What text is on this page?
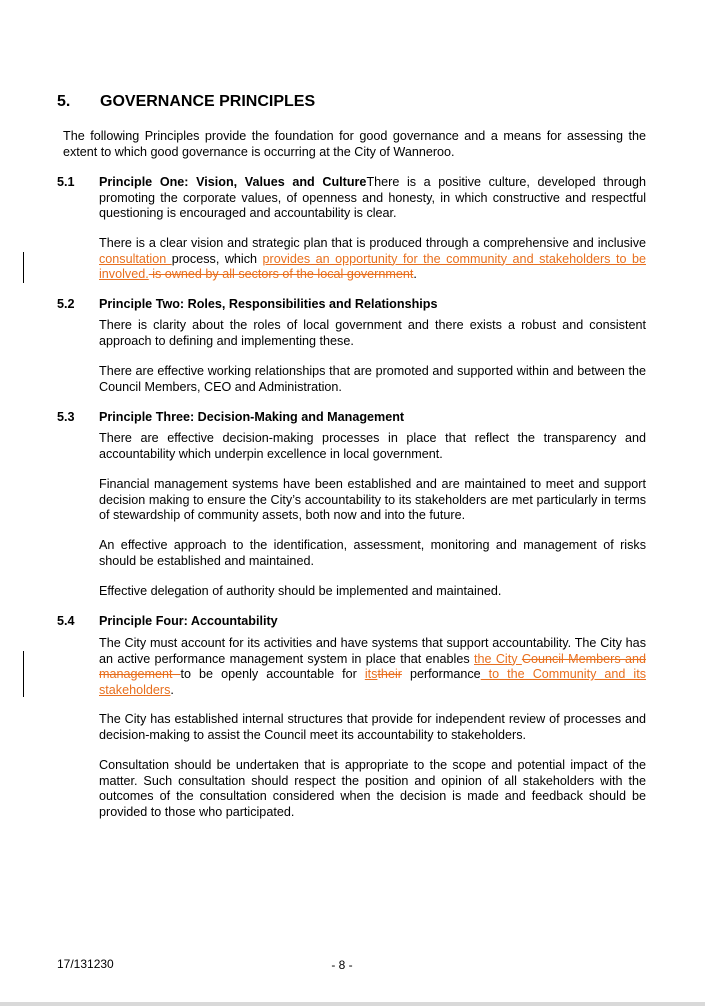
5. GOVERNANCE PRINCIPLES

The following Principles provide the foundation for good governance and a means for assessing the extent to which good governance is occurring at the City of Wanneroo.

5.1 Principle One: Vision, Values and CultureThere is a positive culture, developed through promoting the corporate values, of openness and honesty, in which constructive and respectful questioning is encouraged and accountability is clear.

There is a clear vision and strategic plan that is produced through a comprehensive and inclusive consultation process, which provides an opportunity for the community and stakeholders to be involved. is owned by all sectors of the local government.

5.2 Principle Two: Roles, Responsibilities and Relationships

There is clarity about the roles of local government and there exists a robust and consistent approach to defining and implementing these.

There are effective working relationships that are promoted and supported within and between the Council Members, CEO and Administration.

5.3 Principle Three: Decision-Making and Management

There are effective decision-making processes in place that reflect the transparency and accountability which underpin excellence in local government.

Financial management systems have been established and are maintained to meet and support decision making to ensure the City’s accountability to its stakeholders are met particularly in terms of stewardship of community assets, both now and into the future.

An effective approach to the identification, assessment, monitoring and management of risks should be established and maintained.

Effective delegation of authority should be implemented and maintained.

5.4 Principle Four: Accountability

The City must account for its activities and have systems that support accountability. The City has an active performance management system in place that enables the City Council Members and management to be openly accountable for itstheir performance to the Community and its stakeholders.

The City has established internal structures that provide for independent review of processes and decision-making to assist the Council meet its accountability to stakeholders.

Consultation should be undertaken that is appropriate to the scope and potential impact of the matter. Such consultation should respect the position and opinion of all stakeholders with the outcomes of the consultation considered when the decision is made and feedback should be provided to those who participated.

17/131230	- 8 -
